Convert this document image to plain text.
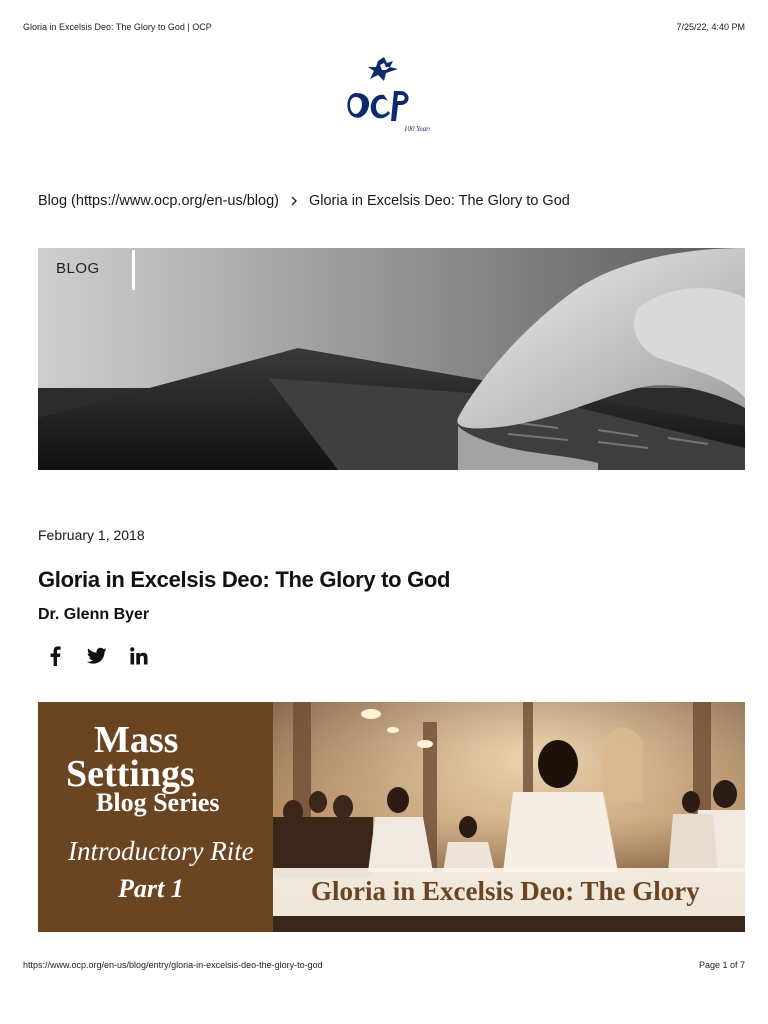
Gloria in Excelsis Deo: The Glory to God | OCP	7/25/22, 4:40 PM
100 Years
Blog (https://www.ocp.org/en-us/blog) Gloria in Excelsis Deo: The Glory to God
BLOG
February 1, 2018
Gloria in Excelsis Deo: The Glory to God
Dr. Glenn Byer
Mass
Settings
Blog Series
Introductory Rite
Part 1	Gloria in Excelsis Deo: The Glory
https://www.ocp.org/en-us/blog/entry/gloria-in-excelsis-deo-the-glory-to-god	Page 1 of 7
